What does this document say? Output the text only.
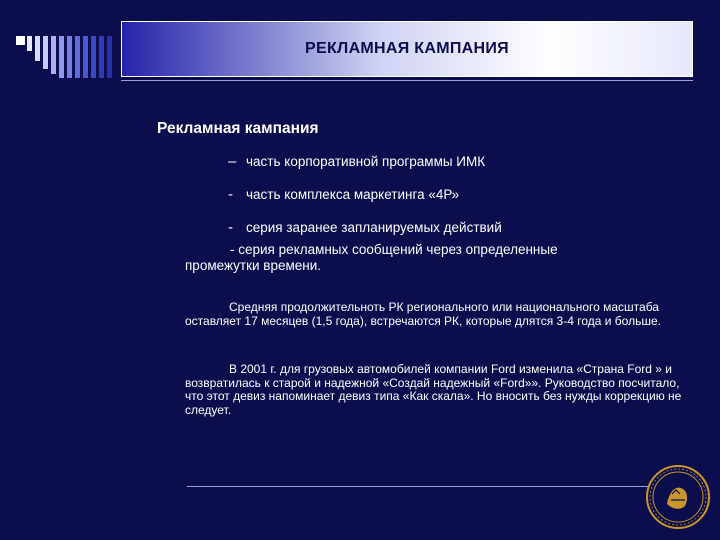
РЕКЛАМНАЯ КАМПАНИЯ
Рекламная кампания
– часть корпоративной программы ИМК
- часть комплекса маркетинга «4Р»
- серия заранее запланируемых действий
- серия рекламных сообщений через определенные
промежутки времени.
Средняя продолжительноть РК регионального или национального масштаба оставляет 17 месяцев (1,5 года), встречаются РК, которые длятся 3-4 года и больше.
В 2001 г. для грузовых автомобилей компании Ford изменила «Страна Ford » и возвратилась к старой и надежной «Создай надежный «Ford»». Руководство посчитало, что этот девиз напоминает девиз типа «Как скала». Но вносить без нужды коррекцию не следует.
